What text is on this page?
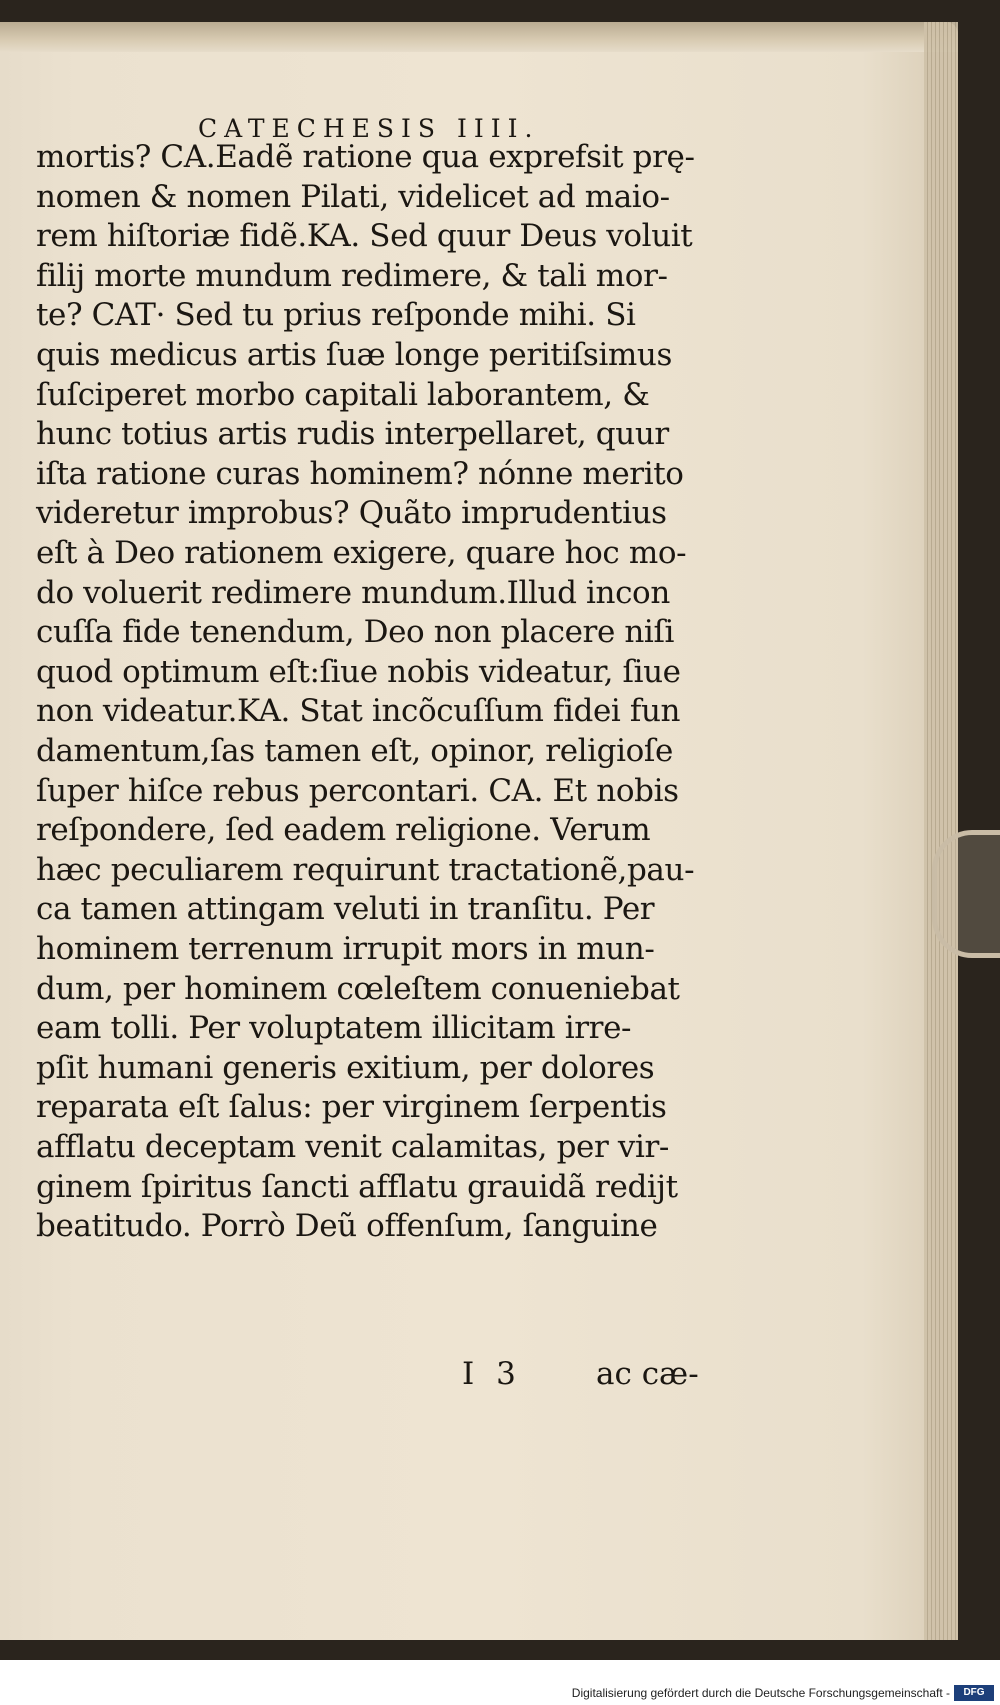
CATECHESIS IIII.
mortis? CA.Eadẽ ratione qua exprefsit prę-
nomen & nomen Pilati, videlicet ad maio-
rem hiſtoriæ fidẽ.KA. Sed quur Deus voluit
filij morte mundum redimere, & tali mor-
te? CAT· Sed tu prius reſponde mihi. Si
quis medicus artis ſuæ longe peritiſsimus
ſuſciperet morbo capitali laborantem, &
hunc totius artis rudis interpellaret, quur
iſta ratione curas hominem? nónne merito
videretur improbus? Quãto imprudentius
eſt à Deo rationem exigere, quare hoc mo-
do voluerit redimere mundum.Illud incon
cuſſa fide tenendum, Deo non placere niſi
quod optimum eſt:ſiue nobis videatur, ſiue
non videatur.KA. Stat incõcuſſum fidei fun
damentum,ſas tamen eſt, opinor, religioſe
ſuper hiſce rebus percontari. CA. Et nobis
reſpondere, ſed eadem religione. Verum
hæc peculiarem requirunt tractationẽ,pau-
ca tamen attingam veluti in tranſitu. Per
hominem terrenum irrupit mors in mun-
dum, per hominem cœleſtem conueniebat
eam tolli. Per voluptatem illicitam irre-
pſit humani generis exitium, per dolores
reparata eſt ſalus: per virginem ſerpentis
afflatu deceptam venit calamitas, per vir-
ginem ſpiritus ſancti afflatu grauidã redijt
beatitudo. Porrò Deũ offenſum, ſanguine
I 3 ac cæ-
Digitalisierung gefördert durch die Deutsche Forschungsgemeinschaft -	DFG
